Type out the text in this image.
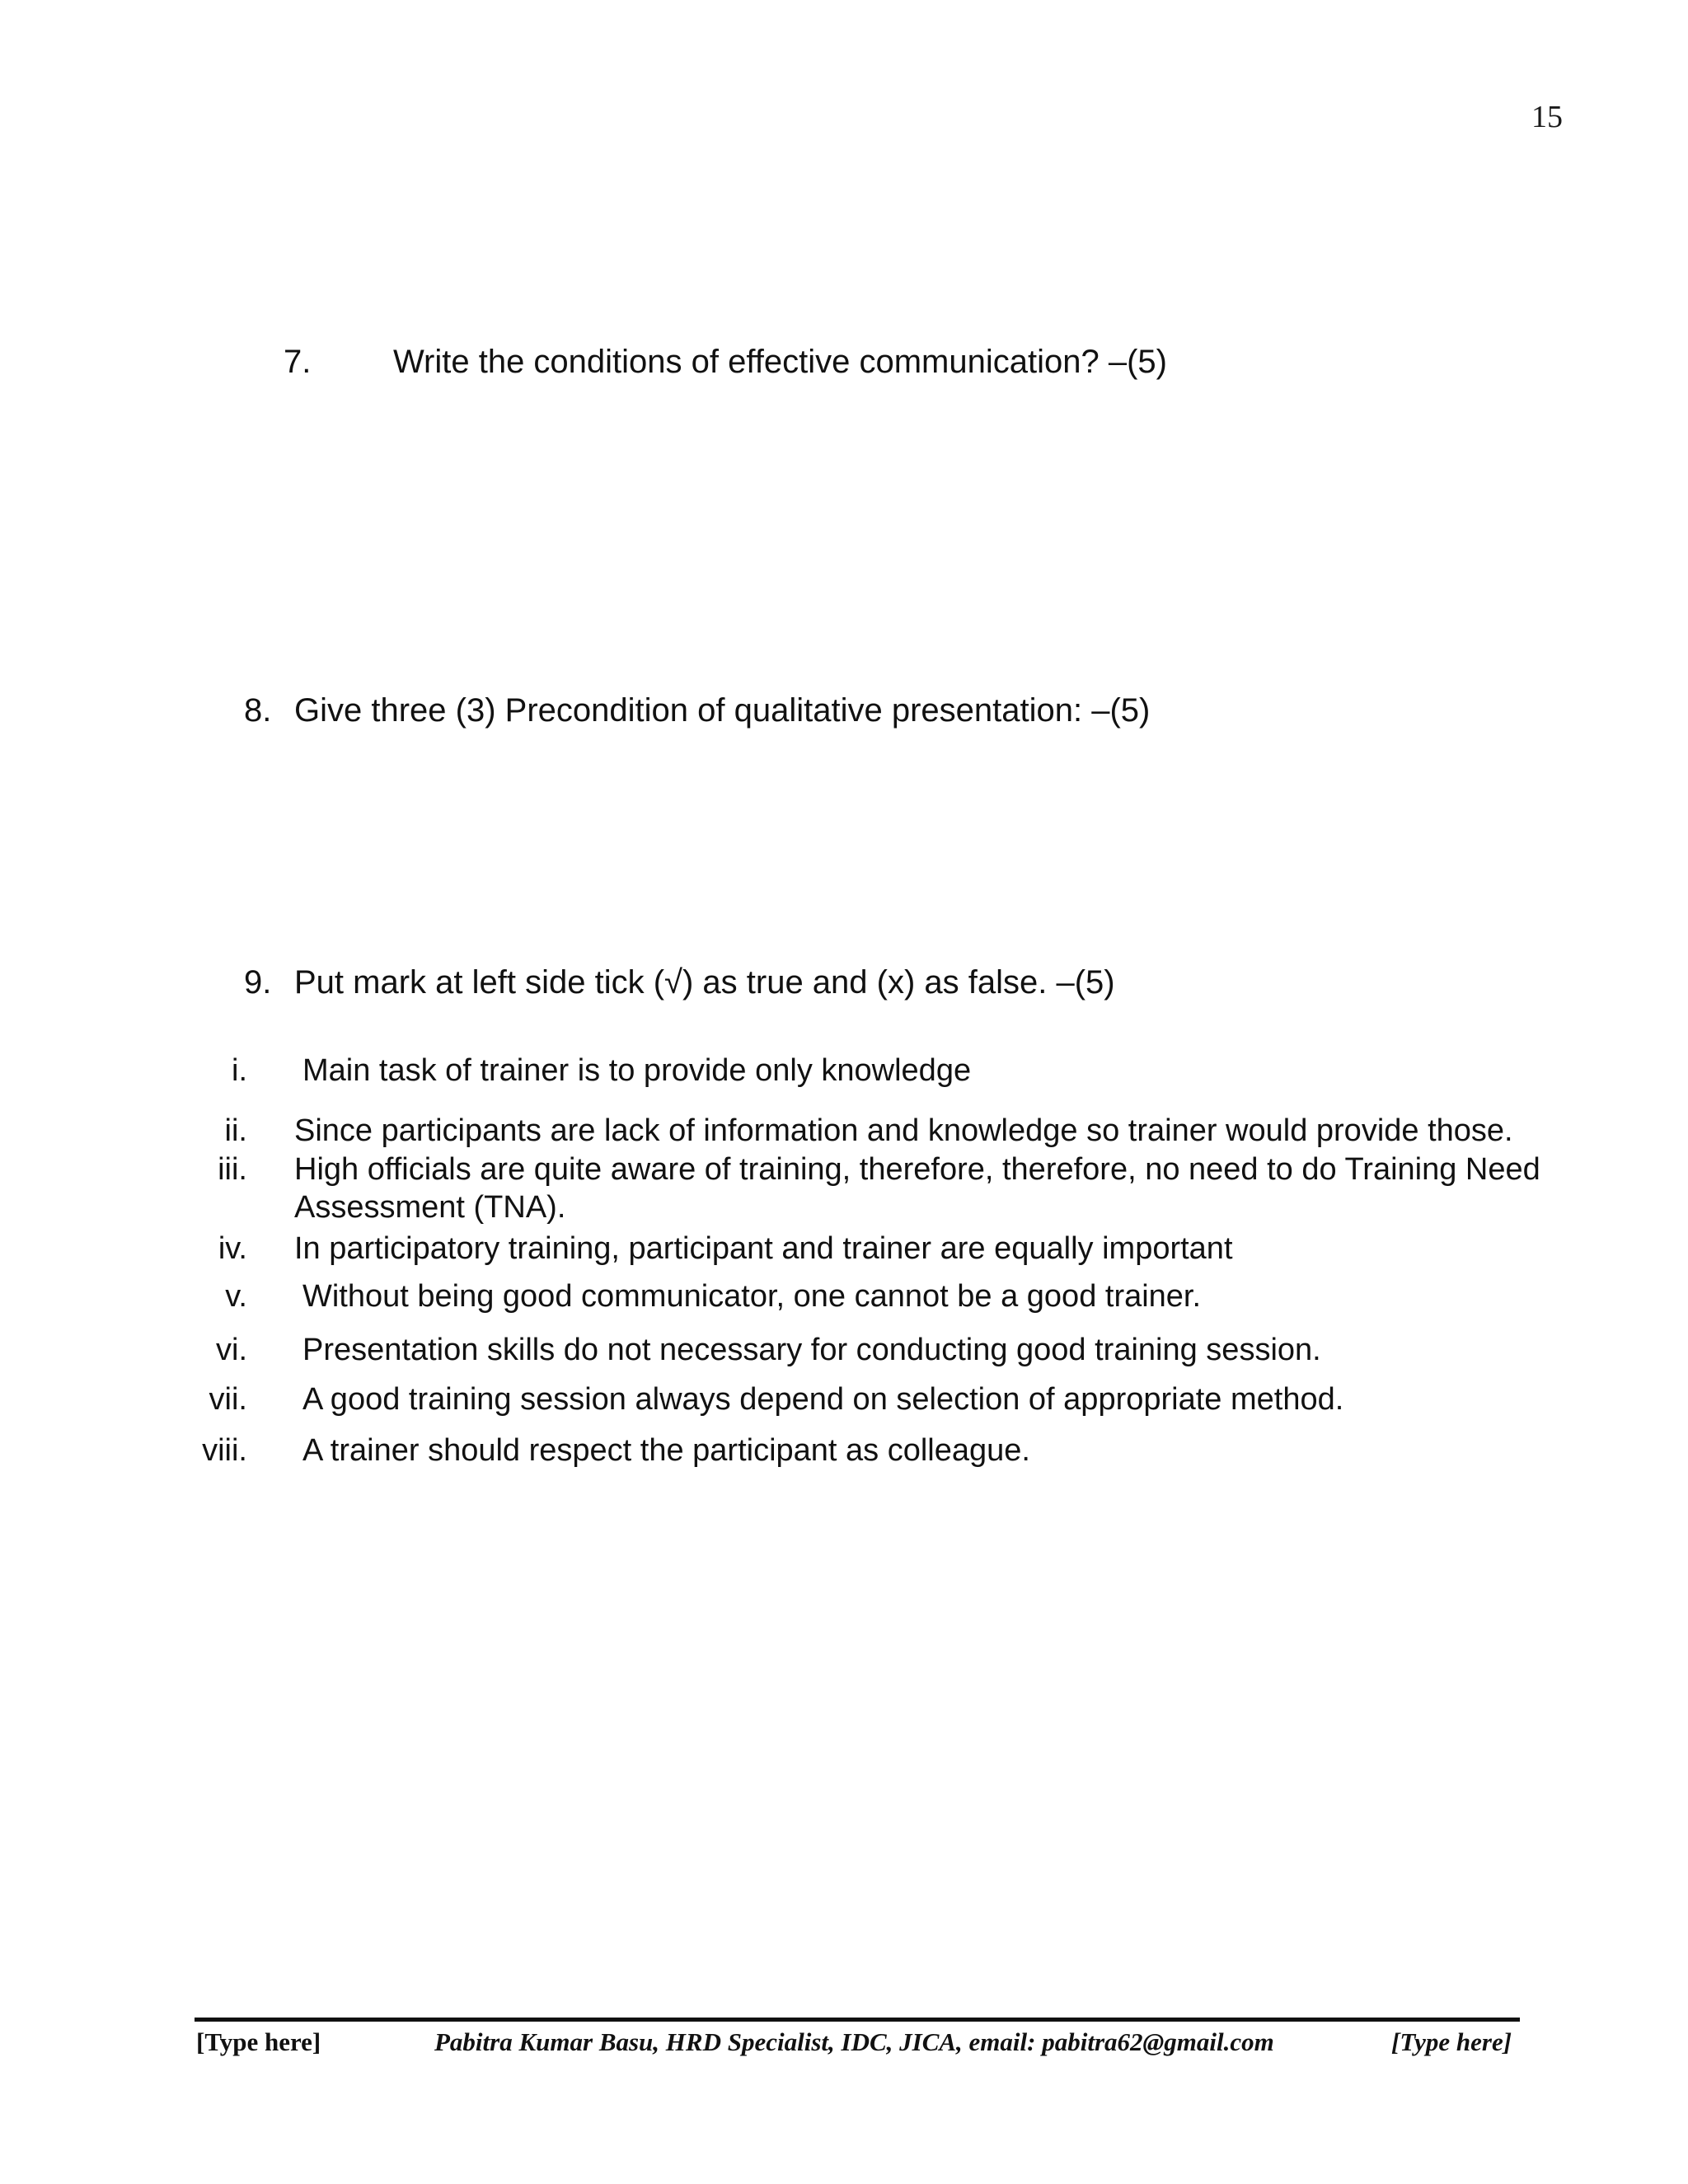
15
7. Write the conditions of effective communication? –(5)
8. Give three (3) Precondition of qualitative presentation: –(5)
9. Put mark at left side tick (√) as true and (x) as false. –(5)
i. Main task of trainer is to provide only knowledge
ii. Since participants are lack of information and knowledge so trainer would provide those.
iii. High officials are quite aware of training, therefore, therefore, no need to do Training Need Assessment (TNA).
iv. In participatory training, participant and trainer are equally important
v. Without being good communicator, one cannot be a good trainer.
vi. Presentation skills do not necessary for conducting good training session.
vii. A good training session always depend on selection of appropriate method.
viii. A trainer should respect the participant as colleague.
[Type here]	Pabitra Kumar Basu, HRD Specialist, IDC, JICA, email: pabitra62@gmail.com	[Type here]
